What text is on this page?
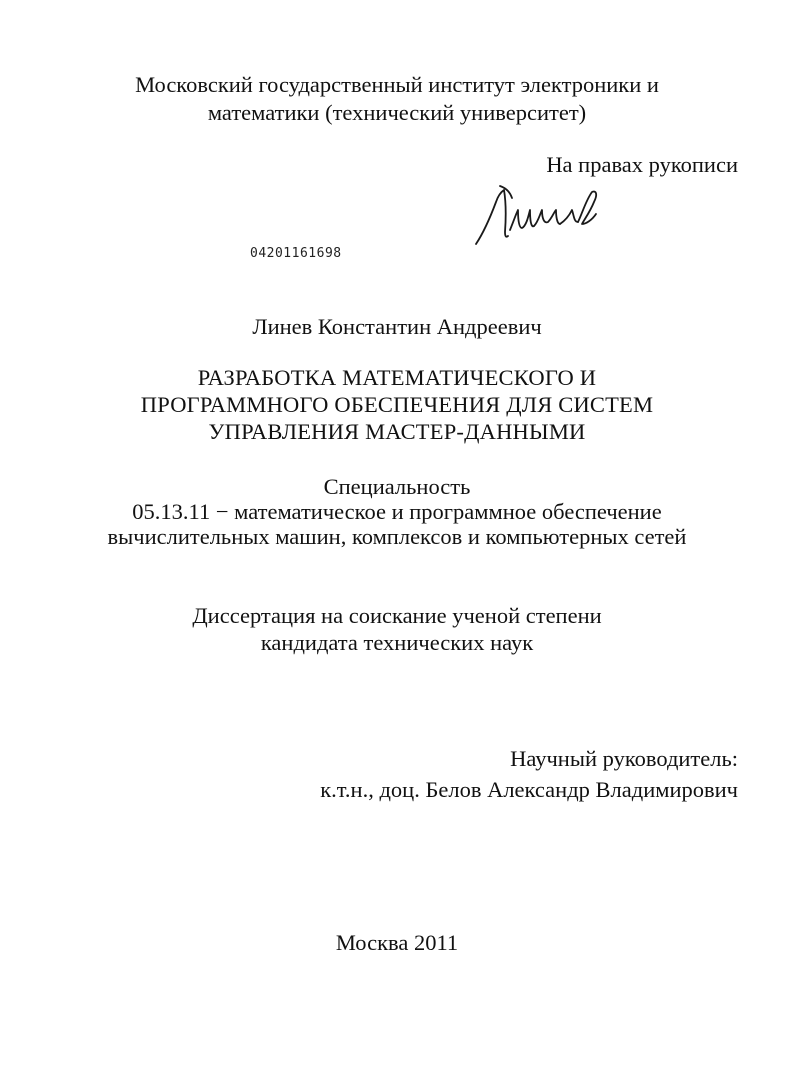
Московский государственный институт электроники и
математики (технический университет)
На правах рукописи
04201161698
Линев Константин Андреевич
РАЗРАБОТКА МАТЕМАТИЧЕСКОГО И
ПРОГРАММНОГО ОБЕСПЕЧЕНИЯ ДЛЯ СИСТЕМ
УПРАВЛЕНИЯ МАСТЕР-ДАННЫМИ
Специальность
05.13.11 − математическое и программное обеспечение
вычислительных машин, комплексов и компьютерных сетей
Диссертация на соискание ученой степени
кандидата технических наук
Научный руководитель:
к.т.н., доц. Белов Александр Владимирович
Москва 2011
